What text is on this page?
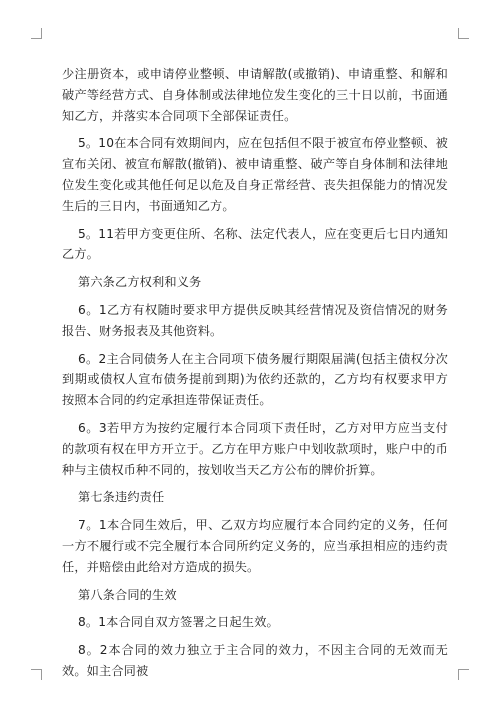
少注册资本，或申请停业整顿、申请解散(或撤销)、申请重整、和解和破产等经营方式、自身体制或法律地位发生变化的三十日以前，书面通知乙方，并落实本合同项下全部保证责任。

5。10在本合同有效期间内，应在包括但不限于被宣布停业整顿、被宣布关闭、被宣布解散(撤销)、被申请重整、破产等自身体制和法律地位发生变化或其他任何足以危及自身正常经营、丧失担保能力的情况发生后的三日内，书面通知乙方。

5。11若甲方变更住所、名称、法定代表人，应在变更后七日内通知乙方。

第六条乙方权利和义务

6。1乙方有权随时要求甲方提供反映其经营情况及资信情况的财务报告、财务报表及其他资料。

6。2主合同债务人在主合同项下债务履行期限届满(包括主债权分次到期或债权人宣布债务提前到期)为依约还款的，乙方均有权要求甲方按照本合同的约定承担连带保证责任。

6。3若甲方为按约定履行本合同项下责任时，乙方对甲方应当支付的款项有权在甲方开立于。乙方在甲方账户中划收款项时，账户中的币种与主债权币种不同的，按划收当天乙方公布的牌价折算。

第七条违约责任

7。1本合同生效后，甲、乙双方均应履行本合同约定的义务，任何一方不履行或不完全履行本合同所约定义务的，应当承担相应的违约责任，并赔偿由此给对方造成的损失。

第八条合同的生效

8。1本合同自双方签署之日起生效。

8。2本合同的效力独立于主合同的效力，不因主合同的无效而无效。如主合同被
